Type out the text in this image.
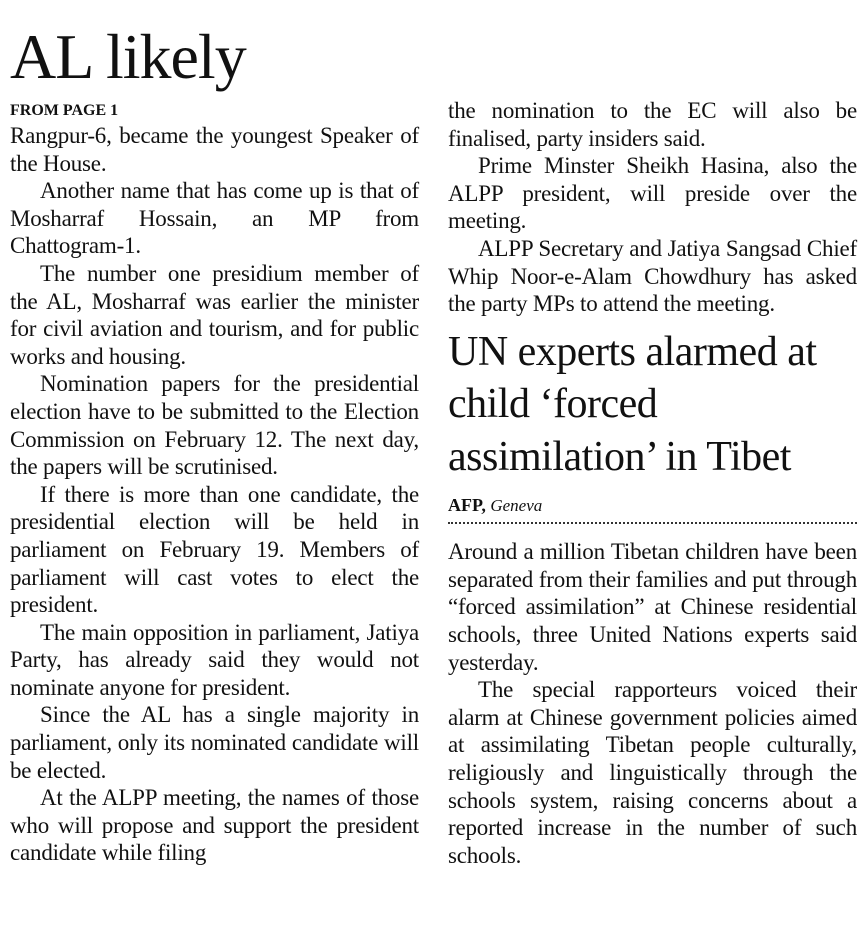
AL likely

FROM PAGE 1

Rangpur-6, became the youngest Speaker of the House.

Another name that has come up is that of Mosharraf Hossain, an MP from Chattogram-1.

The number one presidium member of the AL, Mosharraf was earlier the minister for civil aviation and tourism, and for public works and housing.

Nomination papers for the presidential election have to be submitted to the Election Commission on February 12. The next day, the papers will be scrutinised.

If there is more than one candidate, the presidential election will be held in parliament on February 19. Members of parliament will cast votes to elect the president.

The main opposition in parliament, Jatiya Party, has already said they would not nominate anyone for president.

Since the AL has a single majority in parliament, only its nominated candidate will be elected.

At the ALPP meeting, the names of those who will propose and support the president candidate while filing

the nomination to the EC will also be finalised, party insiders said.

Prime Minster Sheikh Hasina, also the ALPP president, will preside over the meeting.

ALPP Secretary and Jatiya Sangsad Chief Whip Noor-e-Alam Chowdhury has asked the party MPs to attend the meeting.

UN experts alarmed at child ‘forced assimilation’ in Tibet

AFP, Geneva

Around a million Tibetan children have been separated from their families and put through “forced assimilation” at Chinese residential schools, three United Nations experts said yesterday.

The special rapporteurs voiced their alarm at Chinese government policies aimed at assimilating Tibetan people culturally, religiously and linguistically through the schools system, raising concerns about a reported increase in the number of such schools.
